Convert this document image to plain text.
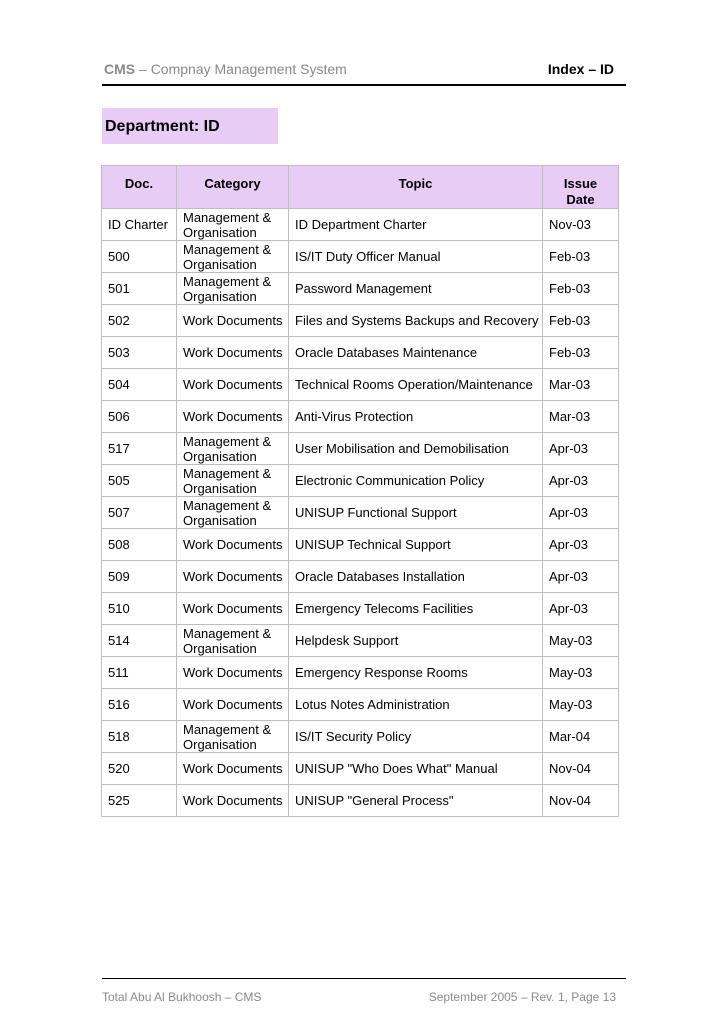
CMS – Compnay Management System	Index – ID
Department: ID
Doc.	Category	Topic	Issue
Date

ID Charter	Management & Organisation	ID Department Charter	Nov-03
500	Management & Organisation	IS/IT Duty Officer Manual	Feb-03
501	Management & Organisation	Password Management	Feb-03
502	Work Documents	Files and Systems Backups and Recovery	Feb-03
503	Work Documents	Oracle Databases Maintenance	Feb-03
504	Work Documents	Technical Rooms Operation/Maintenance	Mar-03
506	Work Documents	Anti-Virus Protection	Mar-03
517	Management & Organisation	User Mobilisation and Demobilisation	Apr-03
505	Management & Organisation	Electronic Communication Policy	Apr-03
507	Management & Organisation	UNISUP Functional Support	Apr-03
508	Work Documents	UNISUP Technical Support	Apr-03
509	Work Documents	Oracle Databases Installation	Apr-03
510	Work Documents	Emergency Telecoms Facilities	Apr-03
514	Management & Organisation	Helpdesk Support	May-03
511	Work Documents	Emergency Response Rooms	May-03
516	Work Documents	Lotus Notes Administration	May-03
518	Management & Organisation	IS/IT Security Policy	Mar-04
520	Work Documents	UNISUP "Who Does What" Manual	Nov-04
525	Work Documents	UNISUP "General Process"	Nov-04
Total Abu Al Bukhoosh – CMS	September 2005 – Rev. 1, Page 13
